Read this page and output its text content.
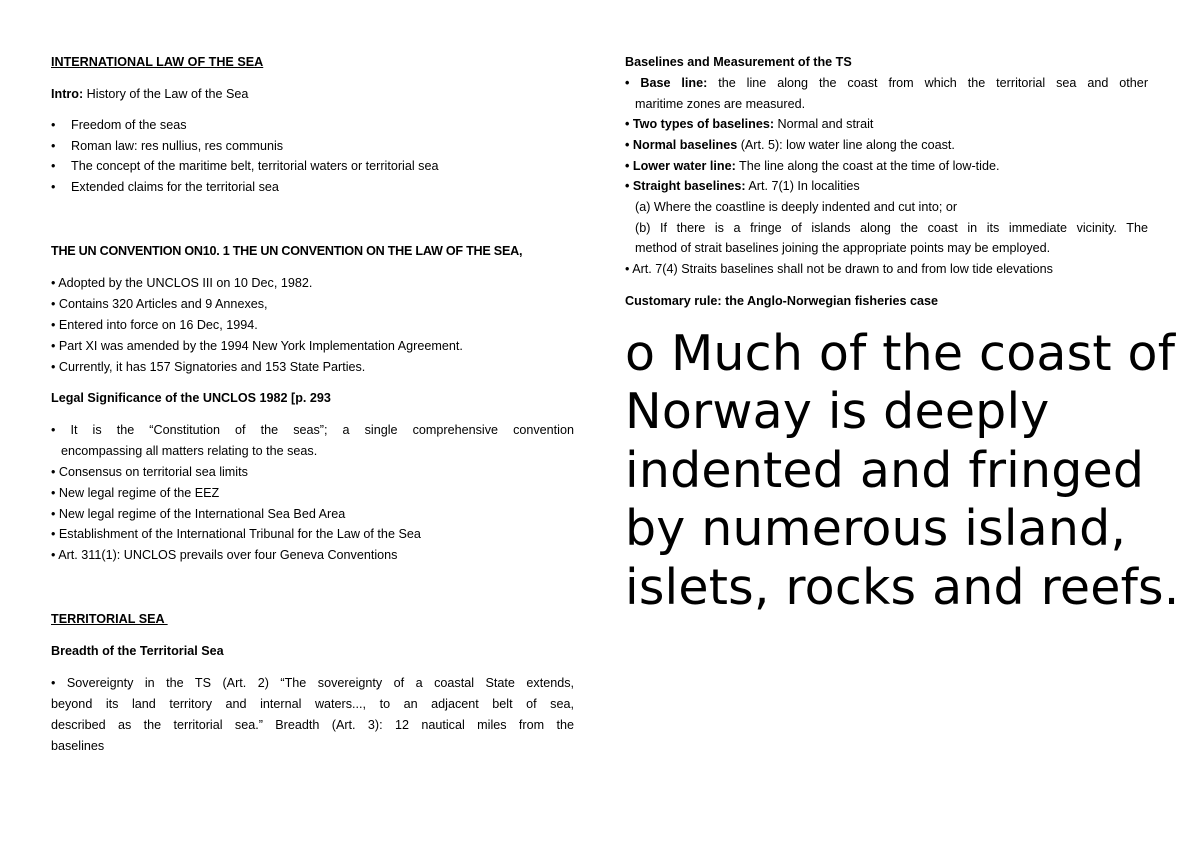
INTERNATIONAL LAW OF THE SEA
Intro: History of the Law of the Sea
• Freedom of the seas
• Roman law: res nullius, res communis
• The concept of the maritime belt, territorial waters or territorial sea
• Extended claims for the territorial sea
THE UN CONVENTION ON10. 1 THE UN CONVENTION ON THE LAW OF THE SEA,
• Adopted by the UNCLOS III on 10 Dec, 1982.
• Contains 320 Articles and 9 Annexes,
• Entered into force on 16 Dec, 1994.
• Part XI was amended by the 1994 New York Implementation Agreement.
• Currently, it has 157 Signatories and 153 State Parties.
Legal Significance of the UNCLOS 1982 [p. 293
• It is the “Constitution of the seas”; a single comprehensive convention
encompassing all matters relating to the seas.
• Consensus on territorial sea limits
• New legal regime of the EEZ
• New legal regime of the International Sea Bed Area
• Establishment of the International Tribunal for the Law of the Sea
• Art. 311(1): UNCLOS prevails over four Geneva Conventions
TERRITORIAL SEA
Breadth of the Territorial Sea
• Sovereignty in the TS (Art. 2) “The sovereignty of a coastal State extends,
beyond its land territory and internal waters..., to an adjacent belt of sea,
described as the territorial sea.” Breadth (Art. 3): 12 nautical miles from the
baselines
Baselines and Measurement of the TS
• Base line: the line along the coast from which the territorial sea and other
maritime zones are measured.
• Two types of baselines: Normal and strait
• Normal baselines (Art. 5): low water line along the coast.
• Lower water line: The line along the coast at the time of low-tide.
• Straight baselines: Art. 7(1) In localities
(a) Where the coastline is deeply indented and cut into; or
(b) If there is a fringe of islands along the coast in its immediate vicinity. The
method of strait baselines joining the appropriate points may be employed.
• Art. 7(4) Straits baselines shall not be drawn to and from low tide elevations
Customary rule: the Anglo-Norwegian fisheries case
o Much of the coast of Norway is deeply indented and fringed by numerous island, islets, rocks and reefs.
